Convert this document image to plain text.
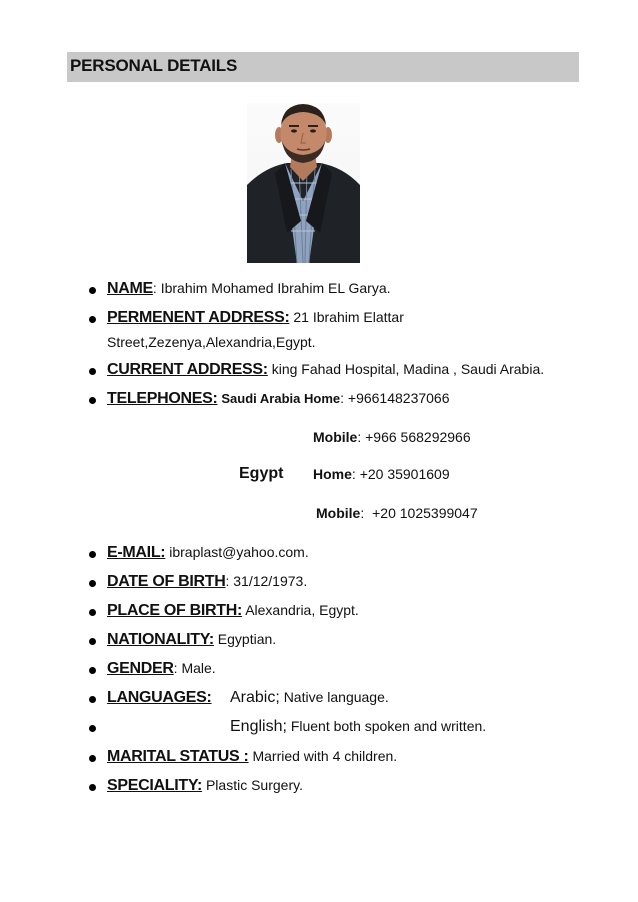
PERSONAL DETAILS
NAME: Ibrahim Mohamed Ibrahim EL Garya.
PERMENENT ADDRESS: 21 Ibrahim Elattar
Street,Zezenya,Alexandria,Egypt.
CURRENT ADDRESS: king Fahad Hospital, Madina , Saudi Arabia.
TELEPHONES: Saudi Arabia Home: +966148237066
Mobile: +966 568292966
Egypt Home: +20 35901609
Mobile: +20 1025399047
E-MAIL: ibraplast@yahoo.com.
DATE OF BIRTH: 31/12/1973.
PLACE OF BIRTH: Alexandria, Egypt.
NATIONALITY: Egyptian.
GENDER: Male.
LANGUAGES: Arabic; Native language.
English; Fluent both spoken and written.
MARITAL STATUS : Married with 4 children.
SPECIALITY: Plastic Surgery.
